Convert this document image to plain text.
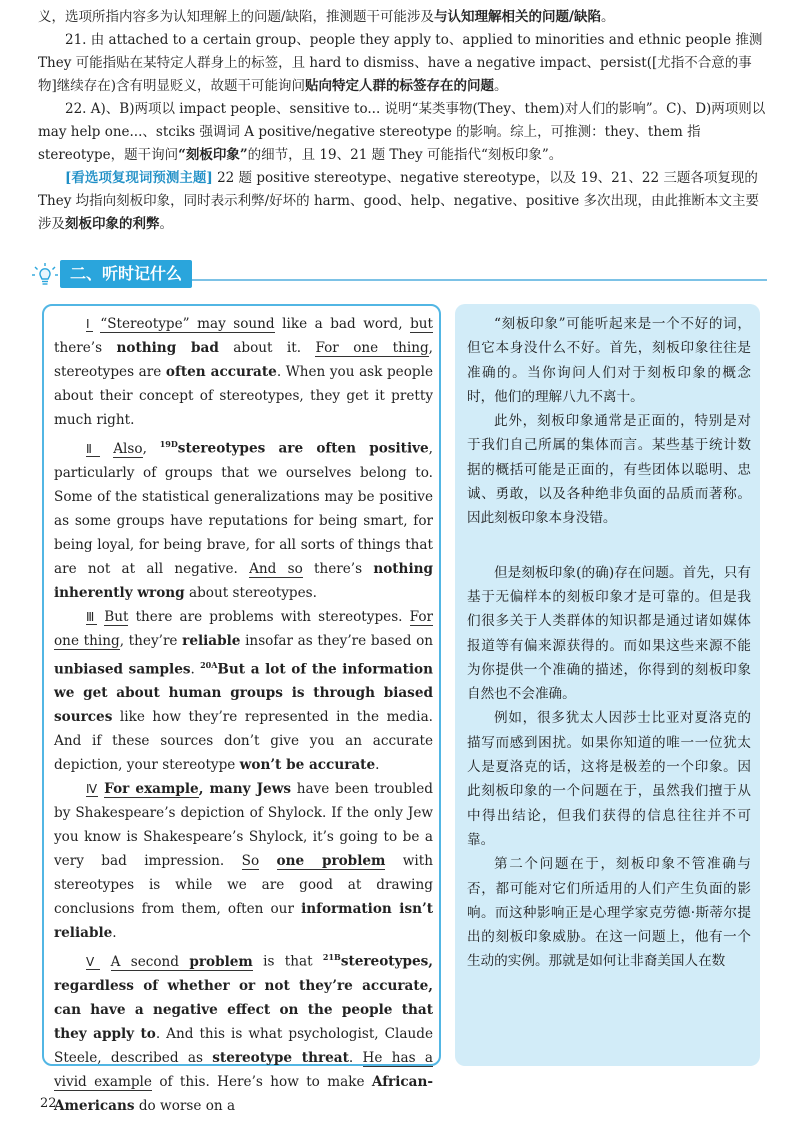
义，选项所指内容多为认知理解上的问题/缺陷，推测题干可能涉及与认知理解相关的问题/缺陷。

21. 由 attached to a certain group、people they apply to、applied to minorities and ethnic people 推测 They 可能指贴在某特定人群身上的标签，且 hard to dismiss、have a negative impact、persist([尤指不合意的事物]继续存在)含有明显贬义，故题干可能询问贴向特定人群的标签存在的问题。

22. A)、B)两项以 impact people、sensitive to... 说明“某类事物(They、them)对人们的影响”。C)、D)两项则以 may help one...、stciks 强调词 A positive/negative stereotype 的影响。综上，可推测：they、them 指 stereotype，题干询问“刻板印象”的细节，且 19、21 题 They 可能指代“刻板印象”。

[看选项复现词预测主题] 22 题 positive stereotype、negative stereotype，以及 19、21、22 三题各项复现的 They 均指向刻板印象，同时表示利弊/好坏的 harm、good、help、negative、positive 多次出现，由此推断本文主要涉及刻板印象的利弊。

二、听时记什么

Ⅰ “Stereotype” may sound like a bad word, but there’s nothing bad about it. For one thing, stereotypes are often accurate. When you ask people about their concept of stereotypes, they get it pretty much right.

Ⅱ Also, $^{19D}$stereotypes are often positive, particularly of groups that we ourselves belong to. Some of the statistical generalizations may be positive as some groups have reputations for being smart, for being loyal, for being brave, for all sorts of things that are not at all negative. And so there’s nothing inherently wrong about stereotypes.

Ⅲ But there are problems with stereotypes. For one thing, they’re reliable insofar as they’re based on unbiased samples. $^{20A}$But a lot of the information we get about human groups is through biased sources like how they’re represented in the media. And if these sources don’t give you an accurate depiction, your stereotype won’t be accurate.

Ⅳ For example, many Jews have been troubled by Shakespeare’s depiction of Shylock. If the only Jew you know is Shakespeare’s Shylock, it’s going to be a very bad impression. So one problem with stereotypes is while we are good at drawing conclusions from them, often our information isn’t reliable.

Ⅴ A second problem is that $^{21B}$stereotypes, regardless of whether or not they’re accurate, can have a negative effect on the people that they apply to. And this is what psychologist, Claude Steele, described as stereotype threat. He has a vivid example of this. Here’s how to make African-Americans do worse on a

“刻板印象”可能听起来是一个不好的词，但它本身没什么不好。首先，刻板印象往往是准确的。当你询问人们对于刻板印象的概念时，他们的理解八九不离十。

此外，刻板印象通常是正面的，特别是对于我们自己所属的集体而言。某些基于统计数据的概括可能是正面的，有些团体以聪明、忠诚、勇敢，以及各种绝非负面的品质而著称。因此刻板印象本身没错。

但是刻板印象(的确)存在问题。首先，只有基于无偏样本的刻板印象才是可靠的。但是我们很多关于人类群体的知识都是通过诸如媒体报道等有偏来源获得的。而如果这些来源不能为你提供一个准确的描述，你得到的刻板印象自然也不会准确。

例如，很多犹太人因莎士比亚对夏洛克的描写而感到困扰。如果你知道的唯一一位犹太人是夏洛克的话，这将是极差的一个印象。因此刻板印象的一个问题在于，虽然我们擅于从中得出结论，但我们获得的信息往往并不可靠。

第二个问题在于，刻板印象不管准确与否，都可能对它们所适用的人们产生负面的影响。而这种影响正是心理学家克劳德·斯蒂尔提出的刻板印象威胁。在这一问题上，他有一个生动的实例。那就是如何让非裔美国人在数

22
